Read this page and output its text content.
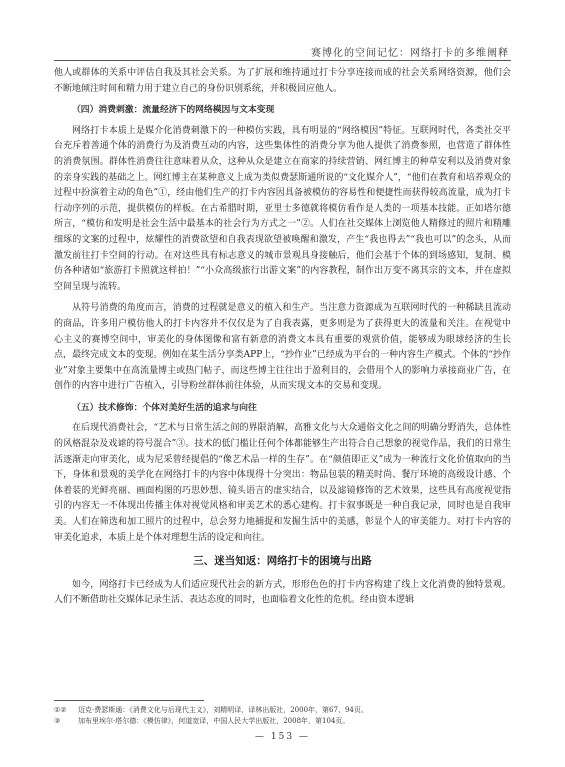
赛博化的空间记忆：网络打卡的多维阐释

他人或群体的关系中评估自我及其社会关系。为了扩展和维持通过打卡分享连接而成的社会关系网络资源，他们会不断地倾注时间和精力用于建立自己的身份识别系统，并积极回应他人。

（四）消费刺激：流量经济下的网络模因与文本变现

网络打卡本质上是媒介化消费刺激下的一种模仿实践，具有明显的“网络模因”特征。互联网时代，各类社交平台充斥着善通个体的消费行为及消费互动的内容，这些集体性的消费分享为他人提供了消费参照，也营造了群体性的消费氛围。群体性消费往往意味着从众，这种从众是建立在商家的持续营销、网红博主的种草安利以及消费对象的亲身实践的基础之上。网红博主在某种意义上成为类似费瑟斯通所说的“文化媒介人”，“他们在教育和培养观众的过程中扮演着主动的角色”①，经由他们生产的打卡内容因具备被模仿的容易性和便捷性而获得较高流量，成为打卡行动序列的示范，提供模仿的样板。在古希腊时期，亚里士多德就将模仿看作是人类的一项基本技能。正如塔尔德所言，“模仿和发明是社会生活中最基本的社会行为方式之一”②。人们在社交媒体上浏览他人精修过的照片和精雕细琢的文案的过程中，炫耀性的消费欲望和自我表现欲望被唤醒和激发，产生“我也得去”“我也可以”的念头，从而激发前往打卡空间的行动。在对这些具有标志意义的城市景观具身接触后，他们会基于个体的到场感知，复制、模仿各种诸如“旅游打卡照就这样拍！”“小众高级旅行出游文案”的内容教程，制作出万变不离其宗的文本，并在虚拟空间呈现与流转。

从符号消费的角度而言，消费的过程就是意义的植入和生产。当注意力资源成为互联网时代的一种稀缺且流动的商品，许多用户模仿他人的打卡内容并不仅仅是为了自我表露，更多则是为了获得更大的流量和关注。在视觉中心主义的赛博空间中，审美化的身体图像和富有新意的消费文本具有重要的观赏价值，能够成为眼球经济的生长点，最终完成文本的变现。例如在某生活分享类APP上，“抄作业”已经成为平台的一种内容生产模式。个体的“抄作业”对象主要集中在高流量博主或热门帖子，而这些博主往往出于盈利目的，会借用个人的影响力承接商业广告，在创作的内容中进行广告植入，引导粉丝群体前往体验，从而实现文本的交易和变现。

（五）技术修饰：个体对美好生活的追求与向往

在后现代消费社会，“艺术与日常生活之间的界限消解，高雅文化与大众通俗文化之间的明确分野消失，总体性的风格混杂及戏谑的符号混合”③。技术的低门槛让任何个体都能够生产出符合自己想象的视觉作品，我们的日常生活逐渐走向审美化，成为尼采曾经提倡的“像艺术品一样的生存”。在“颜值即正义”成为一种流行文化价值取向的当下，身体和景观的美学化在网络打卡的内容中体现得十分突出：物品包装的精美时尚、餐厅环境的高级设计感、个体着装的光鲜亮丽、画面构图的巧思妙想、镜头语言的虚实结合，以及滤镜修饰的艺术效果，这些具有高度视觉指引的内容无一不体现出传播主体对视觉风格和审美艺术的悉心建构。打卡叙事既是一种自我记录，同时也是自我审美。人们在筛选和加工照片的过程中，总会努力地捕捉和发掘生活中的美感，彰显个人的审美能力。对打卡内容的审美化追求，本质上是个体对理想生活的设定和向往。

三、迷当知返：网络打卡的困境与出路

如今，网络打卡已经成为人们适应现代社会的新方式，形形色色的打卡内容构建了线上文化消费的独特景观。人们不断借助社交媒体记录生活、表达态度的同时，也面临着文化性的危机。经由资本逻辑

①② 迈克·费瑟斯通：《消费文化与后现代主义》，刘精明译，译林出版社，2000年，第67、94页。

③	加布里埃尔·塔尔德：《模仿律》，何道宽译，中国人民大学出版社，2008年，第104页。

— 153 —
